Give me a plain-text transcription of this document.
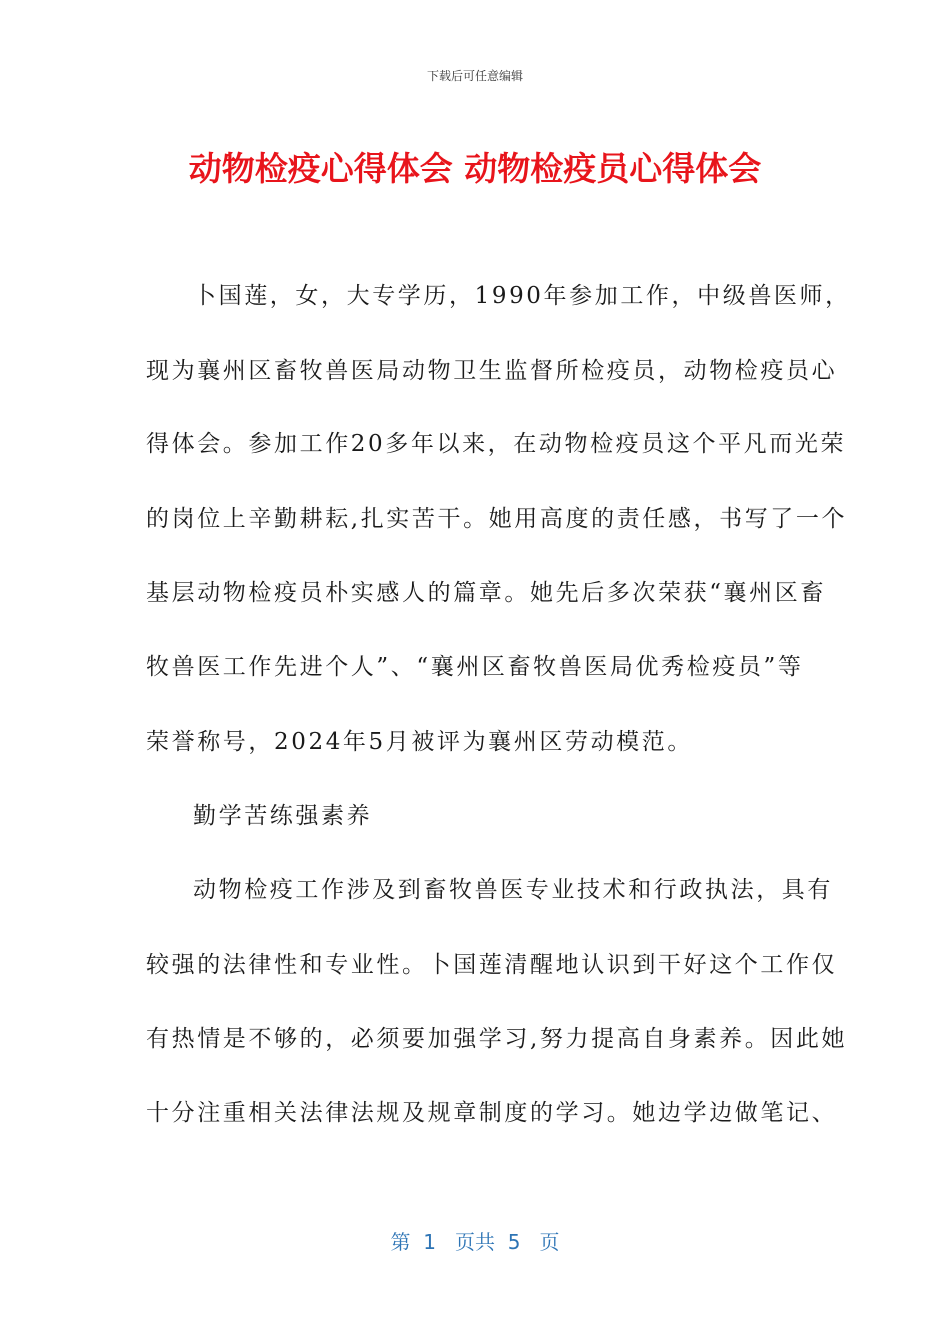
下载后可任意编辑
动物检疫心得体会 动物检疫员心得体会
卜国莲，女，大专学历，1990年参加工作，中级兽医师，
现为襄州区畜牧兽医局动物卫生监督所检疫员，动物检疫员心
得体会。参加工作20多年以来，在动物检疫员这个平凡而光荣
的岗位上辛勤耕耘,扎实苦干。她用高度的责任感，书写了一个
基层动物检疫员朴实感人的篇章。她先后多次荣获“襄州区畜
牧兽医工作先进个人”、“襄州区畜牧兽医局优秀检疫员”等
荣誉称号，2024年5月被评为襄州区劳动模范。
勤学苦练强素养
动物检疫工作涉及到畜牧兽医专业技术和行政执法，具有
较强的法律性和专业性。卜国莲清醒地认识到干好这个工作仅
有热情是不够的，必须要加强学习,努力提高自身素养。因此她
十分注重相关法律法规及规章制度的学习。她边学边做笔记、
第  1   页共  5   页
